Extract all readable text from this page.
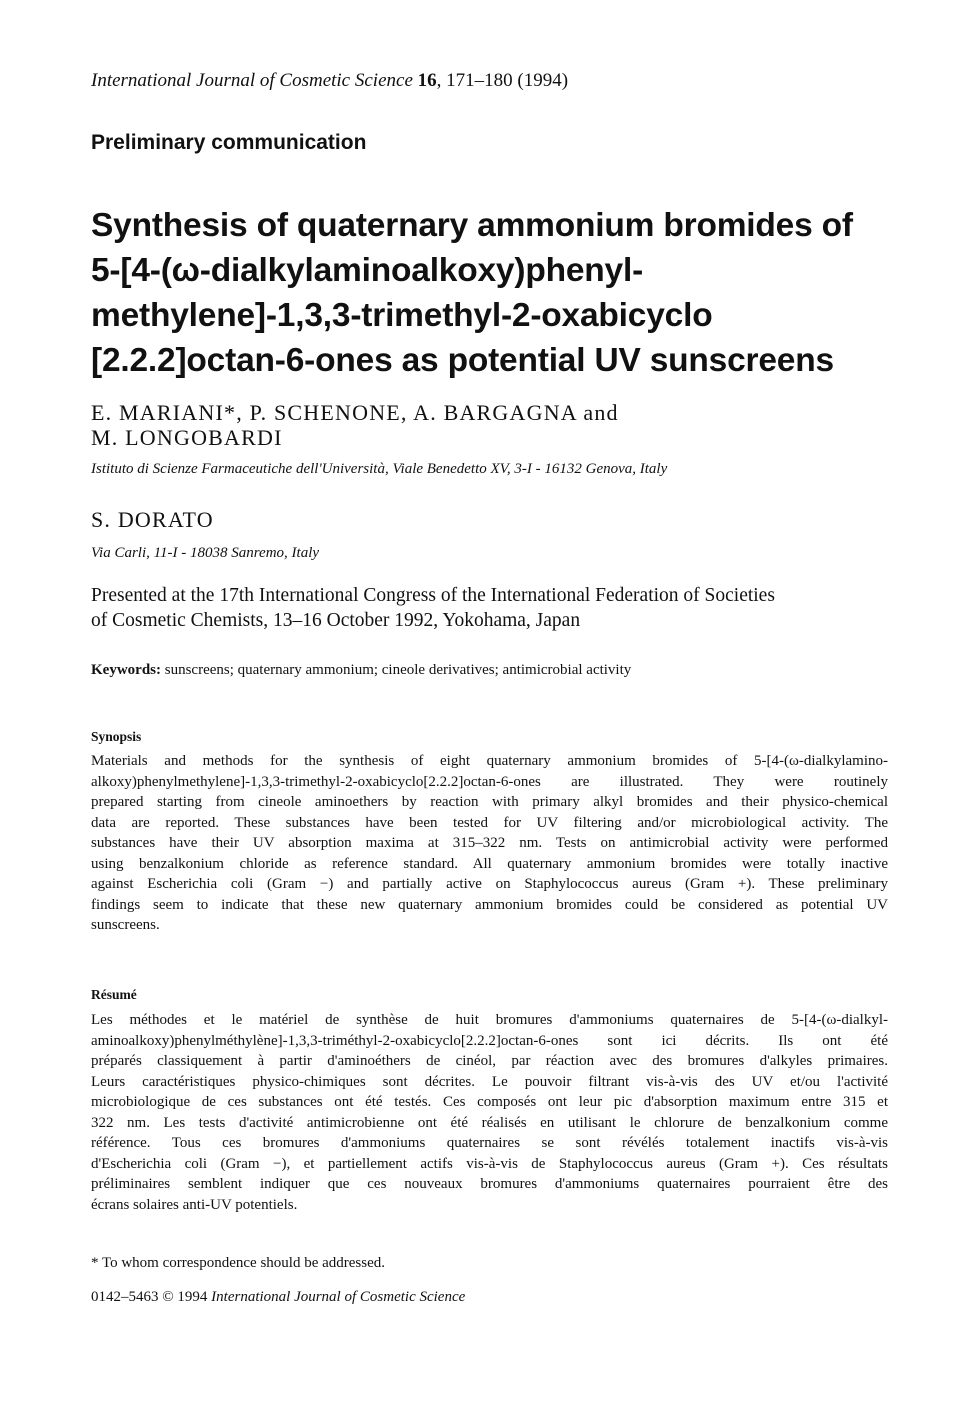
International Journal of Cosmetic Science 16, 171–180 (1994)
Preliminary communication
Synthesis of quaternary ammonium bromides of
5-[4-(ω-dialkylaminoalkoxy)phenyl-
methylene]-1,3,3-trimethyl-2-oxabicyclo
[2.2.2]octan-6-ones as potential UV sunscreens
E. MARIANI*, P. SCHENONE, A. BARGAGNA and
M. LONGOBARDI
Istituto di Scienze Farmaceutiche dell'Università, Viale Benedetto XV, 3-I - 16132 Genova, Italy
S. DORATO
Via Carli, 11-I - 18038 Sanremo, Italy
Presented at the 17th International Congress of the International Federation of Societies
of Cosmetic Chemists, 13–16 October 1992, Yokohama, Japan
Keywords: sunscreens; quaternary ammonium; cineole derivatives; antimicrobial activity
Synopsis
Materials and methods for the synthesis of eight quaternary ammonium bromides of 5-[4-(ω-dialkylamino-
alkoxy)phenylmethylene]-1,3,3-trimethyl-2-oxabicyclo[2.2.2]octan-6-ones are illustrated. They were routinely
prepared starting from cineole aminoethers by reaction with primary alkyl bromides and their physico-chemical
data are reported. These substances have been tested for UV filtering and/or microbiological activity. The
substances have their UV absorption maxima at 315–322 nm. Tests on antimicrobial activity were performed
using benzalkonium chloride as reference standard. All quaternary ammonium bromides were totally inactive
against Escherichia coli (Gram −) and partially active on Staphylococcus aureus (Gram +). These preliminary
findings seem to indicate that these new quaternary ammonium bromides could be considered as potential UV
sunscreens.
Résumé
Les méthodes et le matériel de synthèse de huit bromures d'ammoniums quaternaires de 5-[4-(ω-dialkyl-
aminoalkoxy)phenylméthylène]-1,3,3-triméthyl-2-oxabicyclo[2.2.2]octan-6-ones sont ici décrits. Ils ont été
préparés classiquement à partir d'aminoéthers de cinéol, par réaction avec des bromures d'alkyles primaires.
Leurs caractéristiques physico-chimiques sont décrites. Le pouvoir filtrant vis-à-vis des UV et/ou l'activité
microbiologique de ces substances ont été testés. Ces composés ont leur pic d'absorption maximum entre 315 et
322 nm. Les tests d'activité antimicrobienne ont été réalisés en utilisant le chlorure de benzalkonium comme
référence. Tous ces bromures d'ammoniums quaternaires se sont révélés totalement inactifs vis-à-vis
d'Escherichia coli (Gram −), et partiellement actifs vis-à-vis de Staphylococcus aureus (Gram +). Ces résultats
préliminaires semblent indiquer que ces nouveaux bromures d'ammoniums quaternaires pourraient être des
écrans solaires anti-UV potentiels.
* To whom correspondence should be addressed.
0142–5463 © 1994 International Journal of Cosmetic Science
